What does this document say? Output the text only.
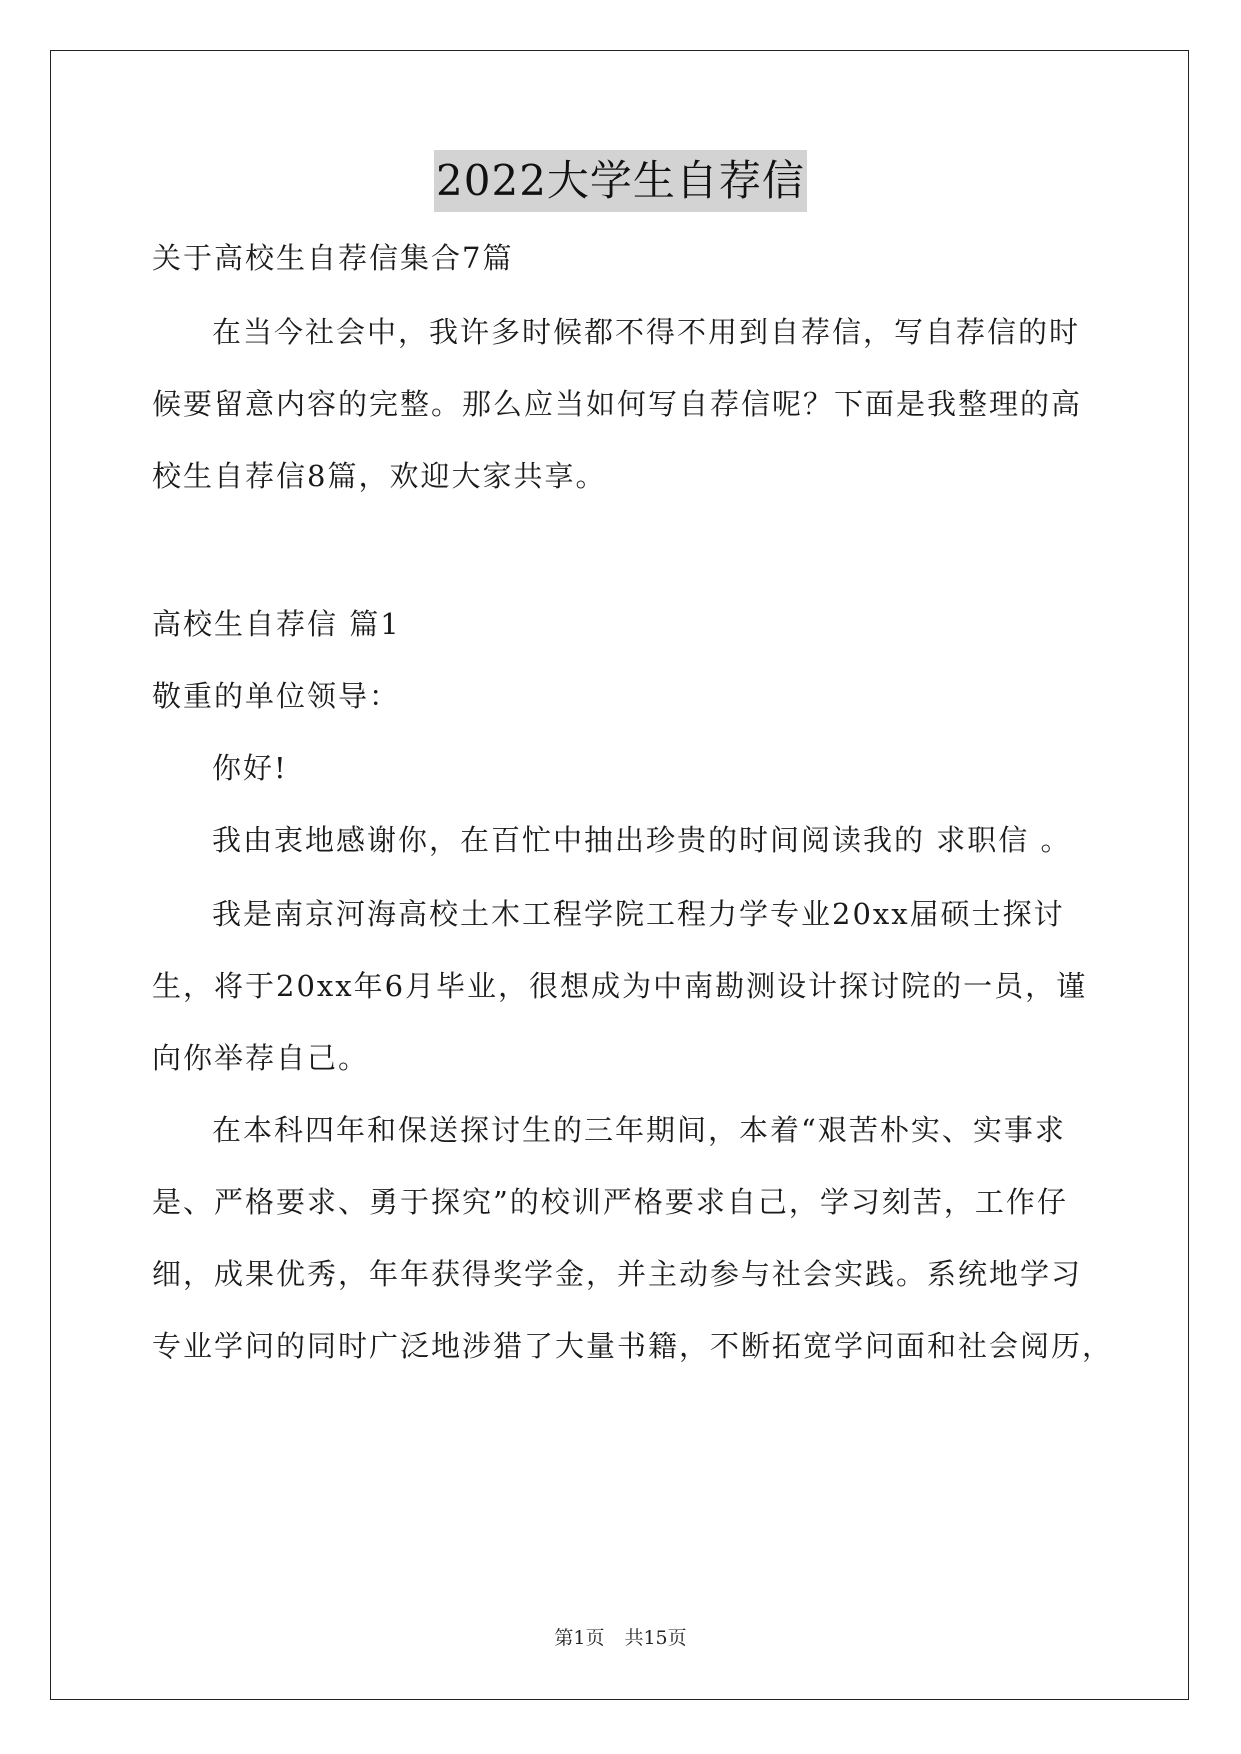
2022大学生自荐信
关于高校生自荐信集合7篇
在当今社会中，我许多时候都不得不用到自荐信，写自荐信的时
候要留意内容的完整。那么应当如何写自荐信呢？下面是我整理的高
校生自荐信8篇，欢迎大家共享。
高校生自荐信 篇1
敬重的单位领导：
你好!
我由衷地感谢你，在百忙中抽出珍贵的时间阅读我的 求职信 。
我是南京河海高校土木工程学院工程力学专业20xx届硕士探讨
生，将于20xx年6月毕业，很想成为中南勘测设计探讨院的一员，谨
向你举荐自己。
在本科四年和保送探讨生的三年期间，本着“艰苦朴实、实事求
是、严格要求、勇于探究”的校训严格要求自己，学习刻苦，工作仔
细，成果优秀，年年获得奖学金，并主动参与社会实践。系统地学习
专业学问的同时广泛地涉猎了大量书籍，不断拓宽学问面和社会阅历，
第1页 共15页
